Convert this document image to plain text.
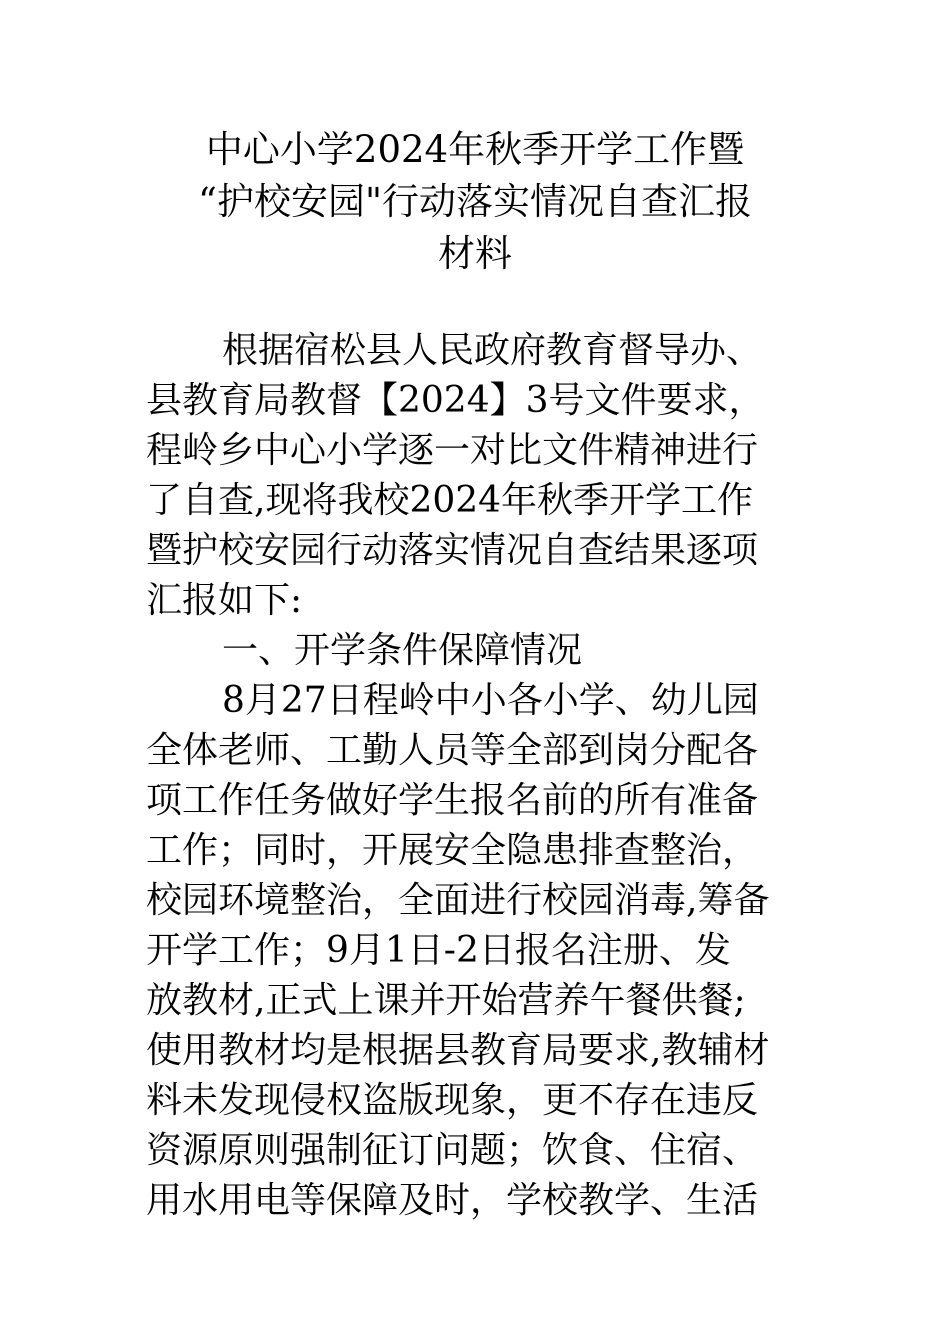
中心小学2024年秋季开学工作暨
“护校安园"行动落实情况自查汇报
材料
根据宿松县人民政府教育督导办、
县教育局教督【2024】3号文件要求，
程岭乡中心小学逐一对比文件精神进行
了自查,现将我校2024年秋季开学工作
暨护校安园行动落实情况自查结果逐项
汇报如下:
一、开学条件保障情况
8月27日程岭中小各小学、幼儿园
全体老师、工勤人员等全部到岗分配各
项工作任务做好学生报名前的所有准备
工作；同时，开展安全隐患排查整治，
校园环境整治，全面进行校园消毒,筹备
开学工作；9月1日-2日报名注册、发
放教材,正式上课并开始营养午餐供餐;
使用教材均是根据县教育局要求,教辅材
料未发现侵权盗版现象，更不存在违反
资源原则强制征订问题；饮食、住宿、
用水用电等保障及时，学校教学、生活
